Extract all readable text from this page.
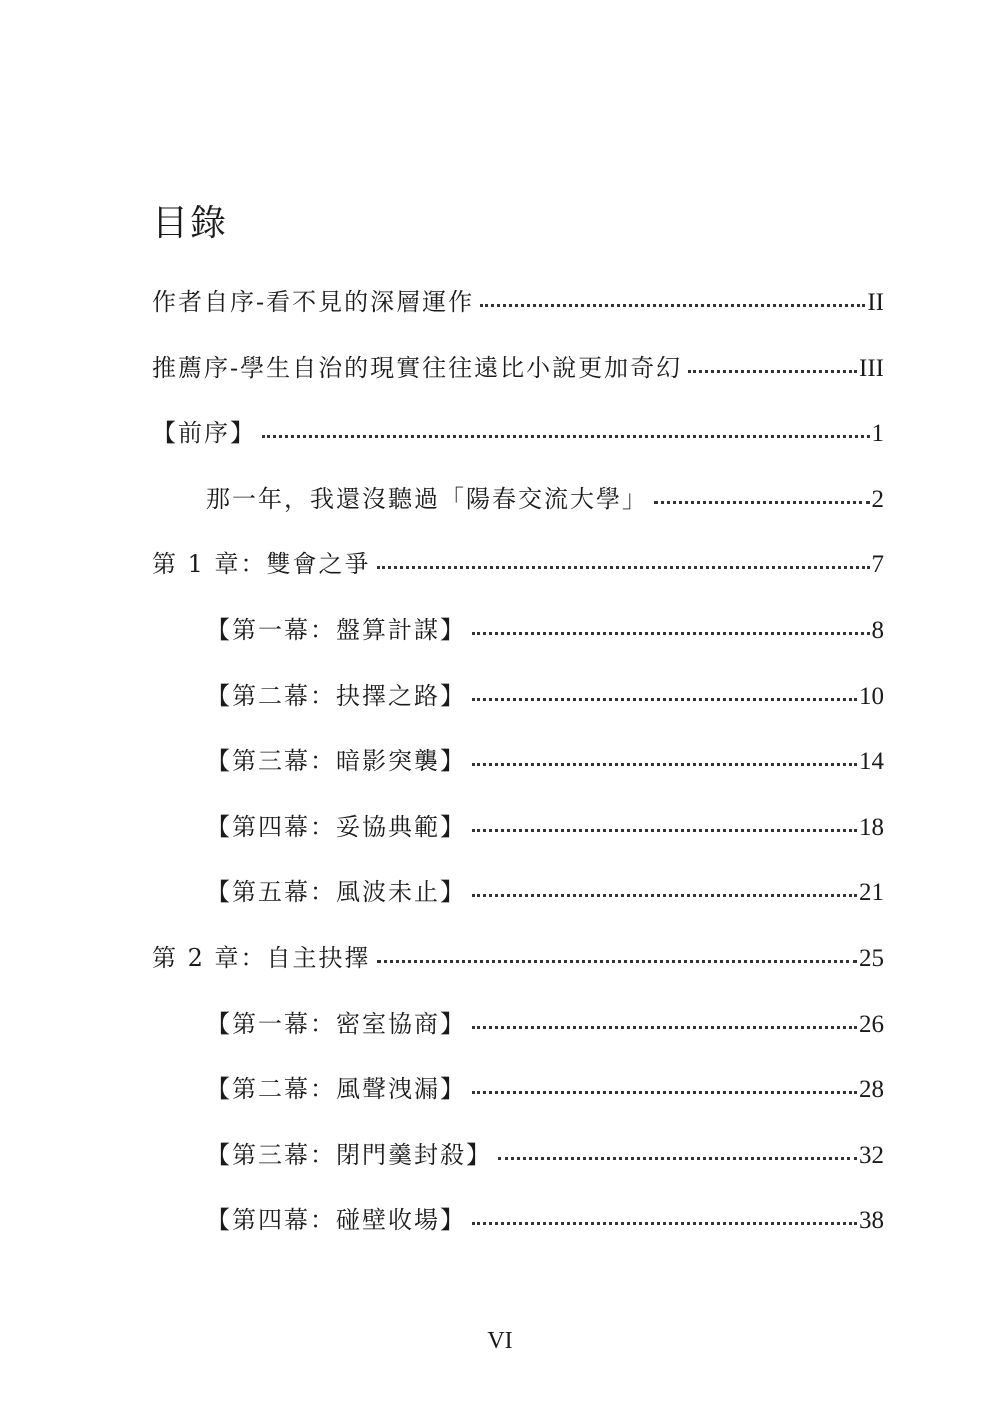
目錄
作者自序-看不見的深層運作	II
推薦序-學生自治的現實往往遠比小說更加奇幻	III
【前序】	1
那一年，我還沒聽過「陽春交流大學」	2
第 1 章：雙會之爭	7
【第一幕：盤算計謀】	8
【第二幕：抉擇之路】	10
【第三幕：暗影突襲】	14
【第四幕：妥協典範】	18
【第五幕：風波未止】	21
第 2 章：自主抉擇	25
【第一幕：密室協商】	26
【第二幕：風聲洩漏】	28
【第三幕：閉門羹封殺】	32
【第四幕：碰壁收場】	38
VI
